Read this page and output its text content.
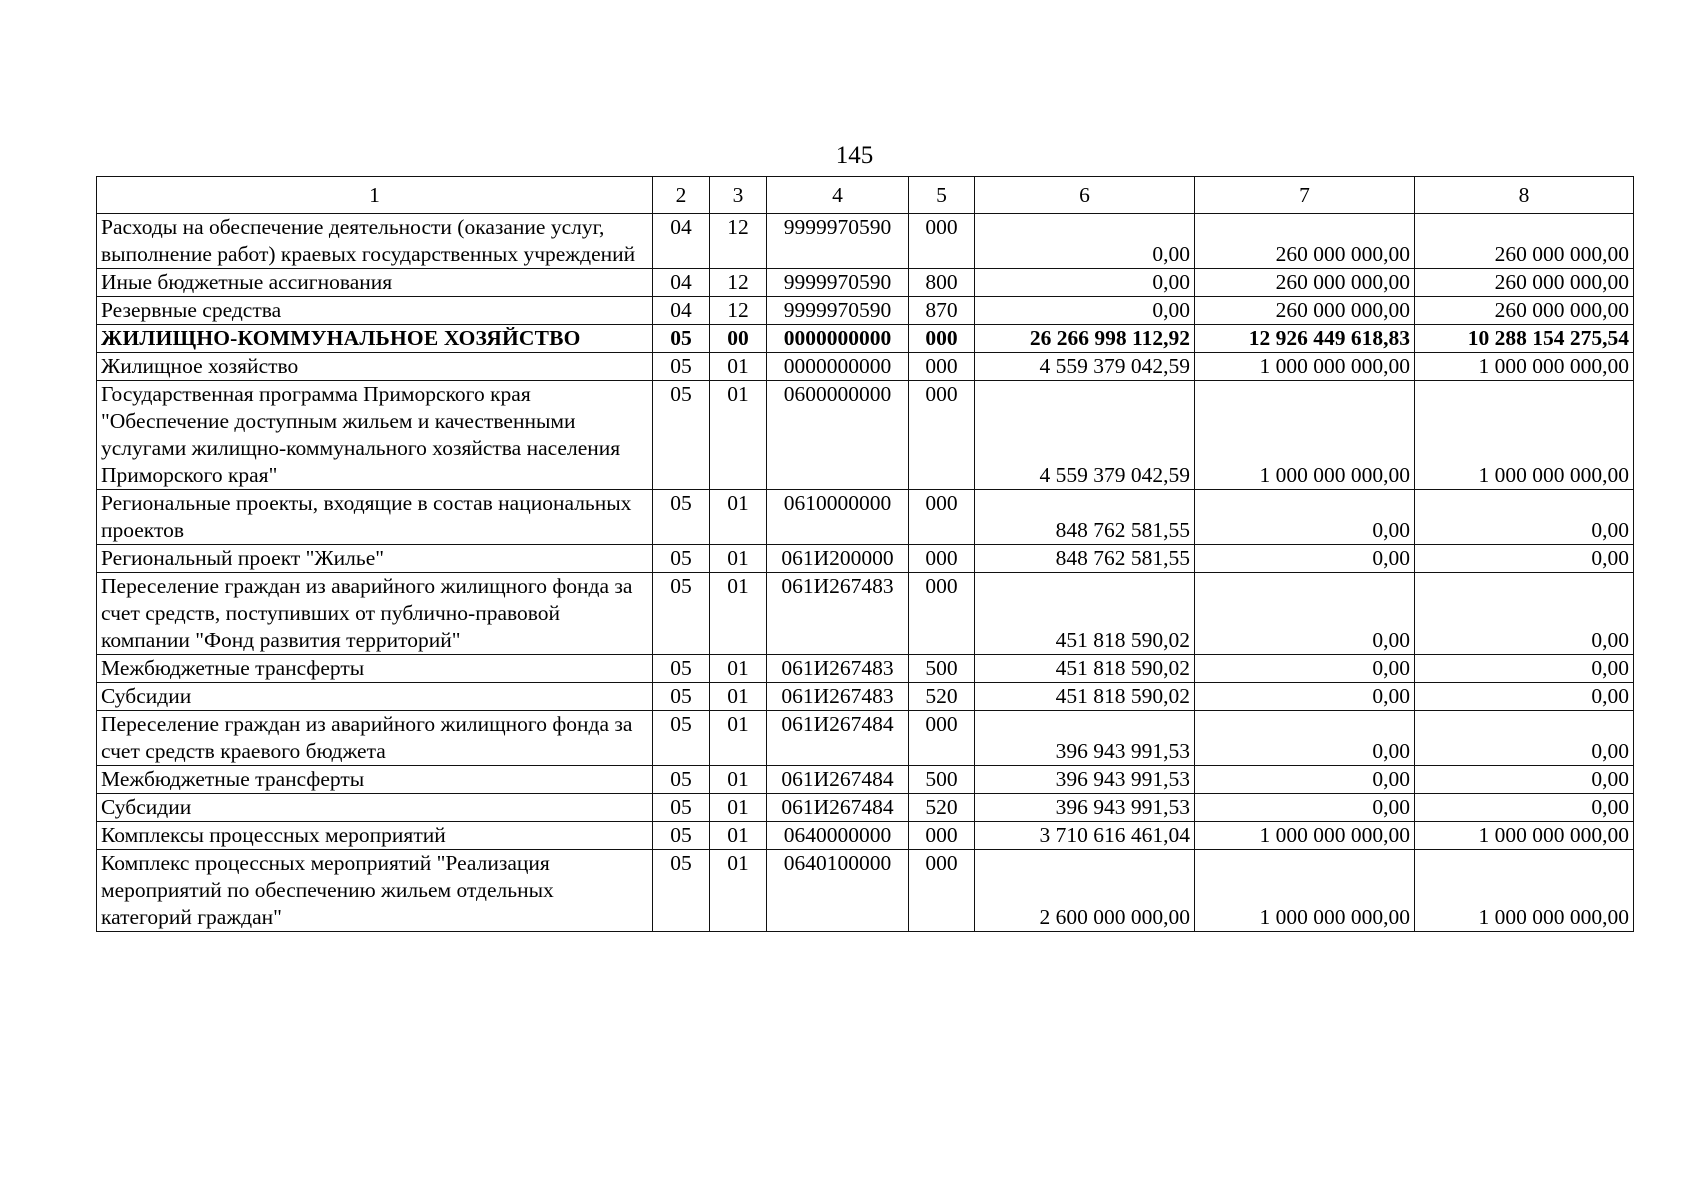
145
1	2	3	4	5	6	7	8
Расходы на обеспечение деятельности (оказание услуг, выполнение работ) краевых государственных учреждений	04	12	9999970590	000	0,00	260 000 000,00	260 000 000,00
Иные бюджетные ассигнования	04	12	9999970590	800	0,00	260 000 000,00	260 000 000,00
Резервные средства	04	12	9999970590	870	0,00	260 000 000,00	260 000 000,00
ЖИЛИЩНО-КОММУНАЛЬНОЕ ХОЗЯЙСТВО	05	00	0000000000	000	26 266 998 112,92	12 926 449 618,83	10 288 154 275,54
Жилищное хозяйство	05	01	0000000000	000	4 559 379 042,59	1 000 000 000,00	1 000 000 000,00
Государственная программа Приморского края "Обеспечение доступным жильем и качественными услугами жилищно-коммунального хозяйства населения Приморского края"	05	01	0600000000	000	4 559 379 042,59	1 000 000 000,00	1 000 000 000,00
Региональные проекты, входящие в состав национальных проектов	05	01	0610000000	000	848 762 581,55	0,00	0,00
Региональный проект "Жилье"	05	01	061И200000	000	848 762 581,55	0,00	0,00
Переселение граждан из аварийного жилищного фонда за счет средств, поступивших от публично-правовой компании "Фонд развития территорий"	05	01	061И267483	000	451 818 590,02	0,00	0,00
Межбюджетные трансферты	05	01	061И267483	500	451 818 590,02	0,00	0,00
Субсидии	05	01	061И267483	520	451 818 590,02	0,00	0,00
Переселение граждан из аварийного жилищного фонда за счет средств краевого бюджета	05	01	061И267484	000	396 943 991,53	0,00	0,00
Межбюджетные трансферты	05	01	061И267484	500	396 943 991,53	0,00	0,00
Субсидии	05	01	061И267484	520	396 943 991,53	0,00	0,00
Комплексы процессных мероприятий	05	01	0640000000	000	3 710 616 461,04	1 000 000 000,00	1 000 000 000,00
Комплекс процессных мероприятий "Реализация мероприятий по обеспечению жильем отдельных категорий граждан"	05	01	0640100000	000	2 600 000 000,00	1 000 000 000,00	1 000 000 000,00
